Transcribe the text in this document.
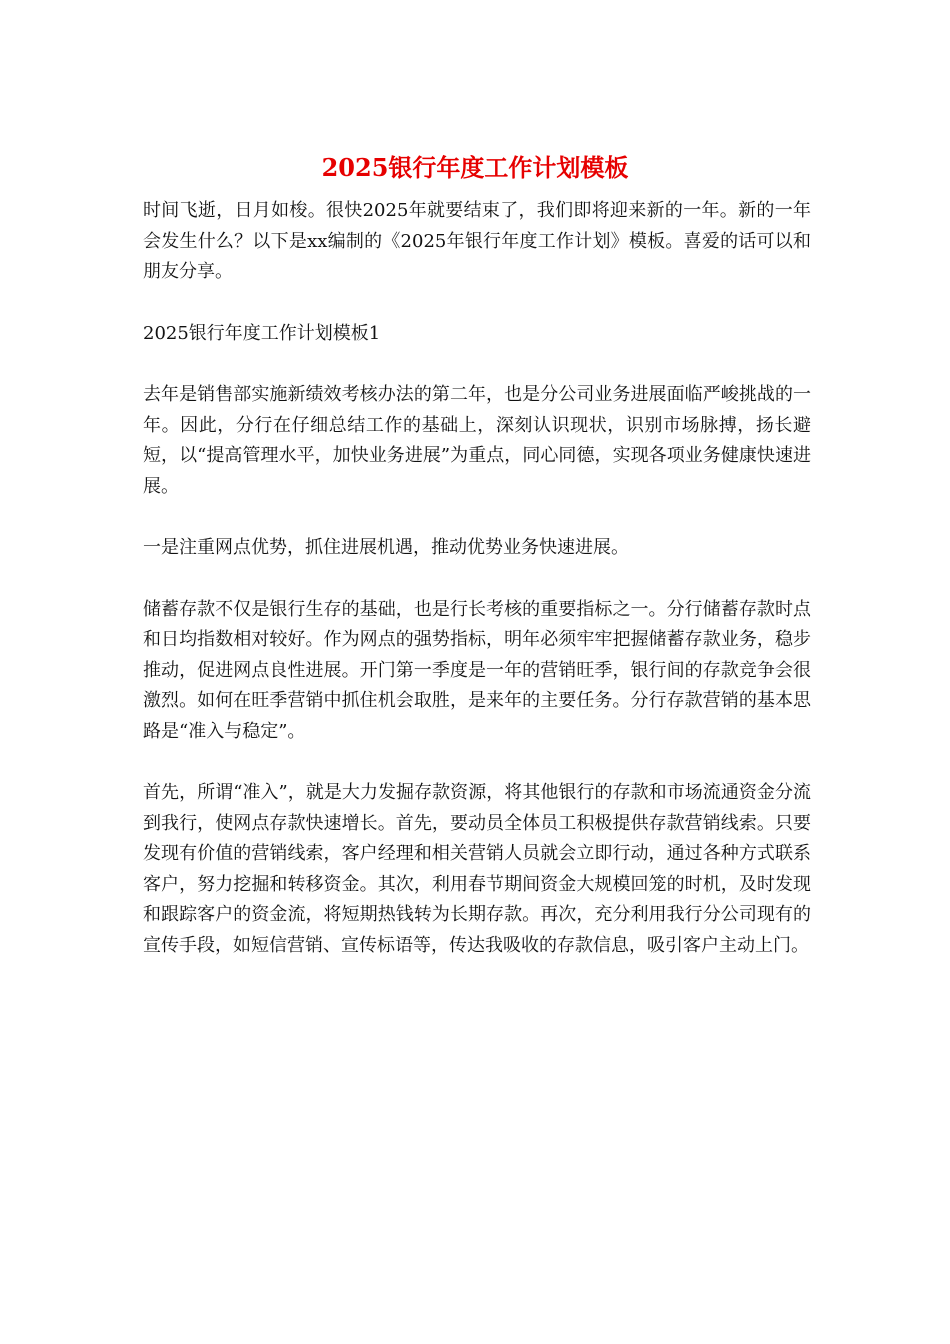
2025银行年度工作计划模板

时间飞逝，日月如梭。很快2025年就要结束了，我们即将迎来新的一年。新的一年会发生什么？以下是xx编制的《2025年银行年度工作计划》模板。喜爱的话可以和朋友分享。

2025银行年度工作计划模板1

去年是销售部实施新绩效考核办法的第二年，也是分公司业务进展面临严峻挑战的一年。因此，分行在仔细总结工作的基础上，深刻认识现状，识别市场脉搏，扬长避短，以“提高管理水平，加快业务进展”为重点，同心同德，实现各项业务健康快速进展。

一是注重网点优势，抓住进展机遇，推动优势业务快速进展。

储蓄存款不仅是银行生存的基础，也是行长考核的重要指标之一。分行储蓄存款时点和日均指数相对较好。作为网点的强势指标，明年必须牢牢把握储蓄存款业务，稳步推动，促进网点良性进展。开门第一季度是一年的营销旺季，银行间的存款竞争会很激烈。如何在旺季营销中抓住机会取胜，是来年的主要任务。分行存款营销的基本思路是“准入与稳定”。

首先，所谓“准入”，就是大力发掘存款资源，将其他银行的存款和市场流通资金分流到我行，使网点存款快速增长。首先，要动员全体员工积极提供存款营销线索。只要发现有价值的营销线索，客户经理和相关营销人员就会立即行动，通过各种方式联系客户，努力挖掘和转移资金。其次，利用春节期间资金大规模回笼的时机，及时发现和跟踪客户的资金流，将短期热钱转为长期存款。再次，充分利用我行分公司现有的宣传手段，如短信营销、宣传标语等，传达我吸收的存款信息，吸引客户主动上门。
